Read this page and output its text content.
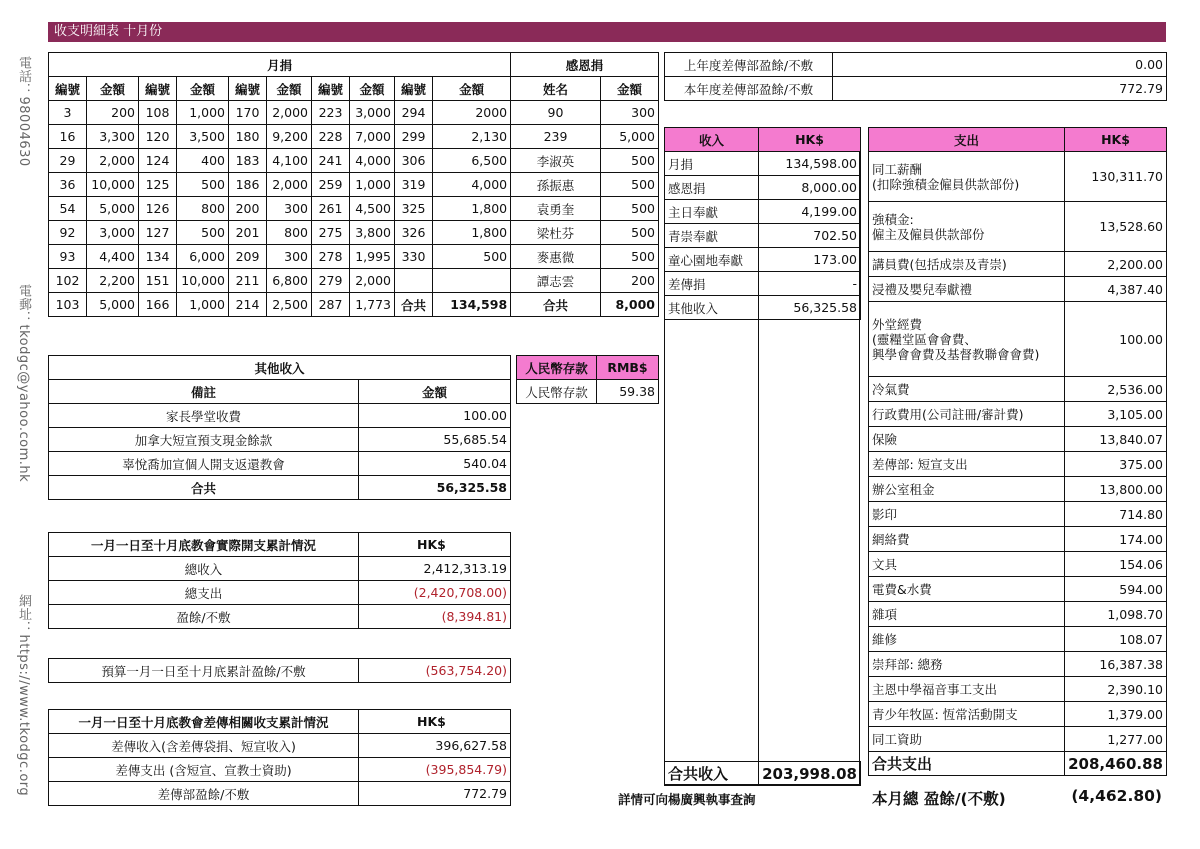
收支明細表 十月份
電話：98004630
電郵：tkodgc@yahoo.com.hk
網址：https://www.tkodgc.org
月捐									
編號	金額	編號	金額	編號	金額	編號	金額	編號	金額
3	200	108	1,000	170	2,000	223	3,000	294	2000
16	3,300	120	3,500	180	9,200	228	7,000	299	2,130
29	2,000	124	400	183	4,100	241	4,000	306	6,500
36	10,000	125	500	186	2,000	259	1,000	319	4,000
54	5,000	126	800	200	300	261	4,500	325	1,800
92	3,000	127	500	201	800	275	3,800	326	1,800
93	4,400	134	6,000	209	300	278	1,995	330	500
102	2,200	151	10,000	211	6,800	279	2,000		
103	5,000	166	1,000	214	2,500	287	1,773	合共	134,598
感恩捐	
姓名	金額
90	300
239	5,000
李淑英	500
孫振惠	500
袁勇奎	500
梁杜芬	500
麥惠微	500
譚志雲	200
合共	8,000
上年度差傳部盈餘/不敷	0.00
本年度差傳部盈餘/不敷	772.79
收入	HK$
月捐	134,598.00
感恩捐	8,000.00
主日奉獻	4,199.00
青崇奉獻	702.50
童心園地奉獻	173.00
差傳捐	-
其他收入	56,325.58
合共收入	203,998.08
支出	HK$
同工薪酬
(扣除強積金僱員供款部份)	130,311.70
強積金:
僱主及僱員供款部份	13,528.60
講員費(包括成崇及青崇)	2,200.00
浸禮及嬰兒奉獻禮	4,387.40
外堂經費
(靈糧堂區會會費、
興學會會費及基督教聯會會費)	100.00
冷氣費	2,536.00
行政費用(公司註冊/審計費)	3,105.00
保險	13,840.07
差傳部: 短宣支出	375.00
辦公室租金	13,800.00
影印	714.80
網絡費	174.00
文具	154.06
電費&水費	594.00
雜項	1,098.70
維修	108.07
崇拜部: 總務	16,387.38
主恩中學福音事工支出	2,390.10
青少年牧區: 恆常活動開支	1,379.00
同工資助	1,277.00
合共支出	208,460.88
本月總 盈餘/(不敷)	(4,462.80)
其他收入	
備註	金額
家長學堂收費	100.00
加拿大短宣預支現金餘款	55,685.54
辜悅喬加宣個人開支返還教會	540.04
合共	56,325.58
人民幣存款	RMB$
人民幣存款	59.38
一月一日至十月底教會實際開支累計情況	HK$
總收入	2,412,313.19
總支出	(2,420,708.00)
盈餘/不敷	(8,394.81)
預算一月一日至十月底累計盈餘/不敷	(563,754.20)
一月一日至十月底教會差傳相關收支累計情況	HK$
差傳收入(含差傳袋捐、短宣收入)	396,627.58
差傳支出 (含短宣、宣教士資助)	(395,854.79)
差傳部盈餘/不敷	772.79	詳情可向楊廣興執事查詢
